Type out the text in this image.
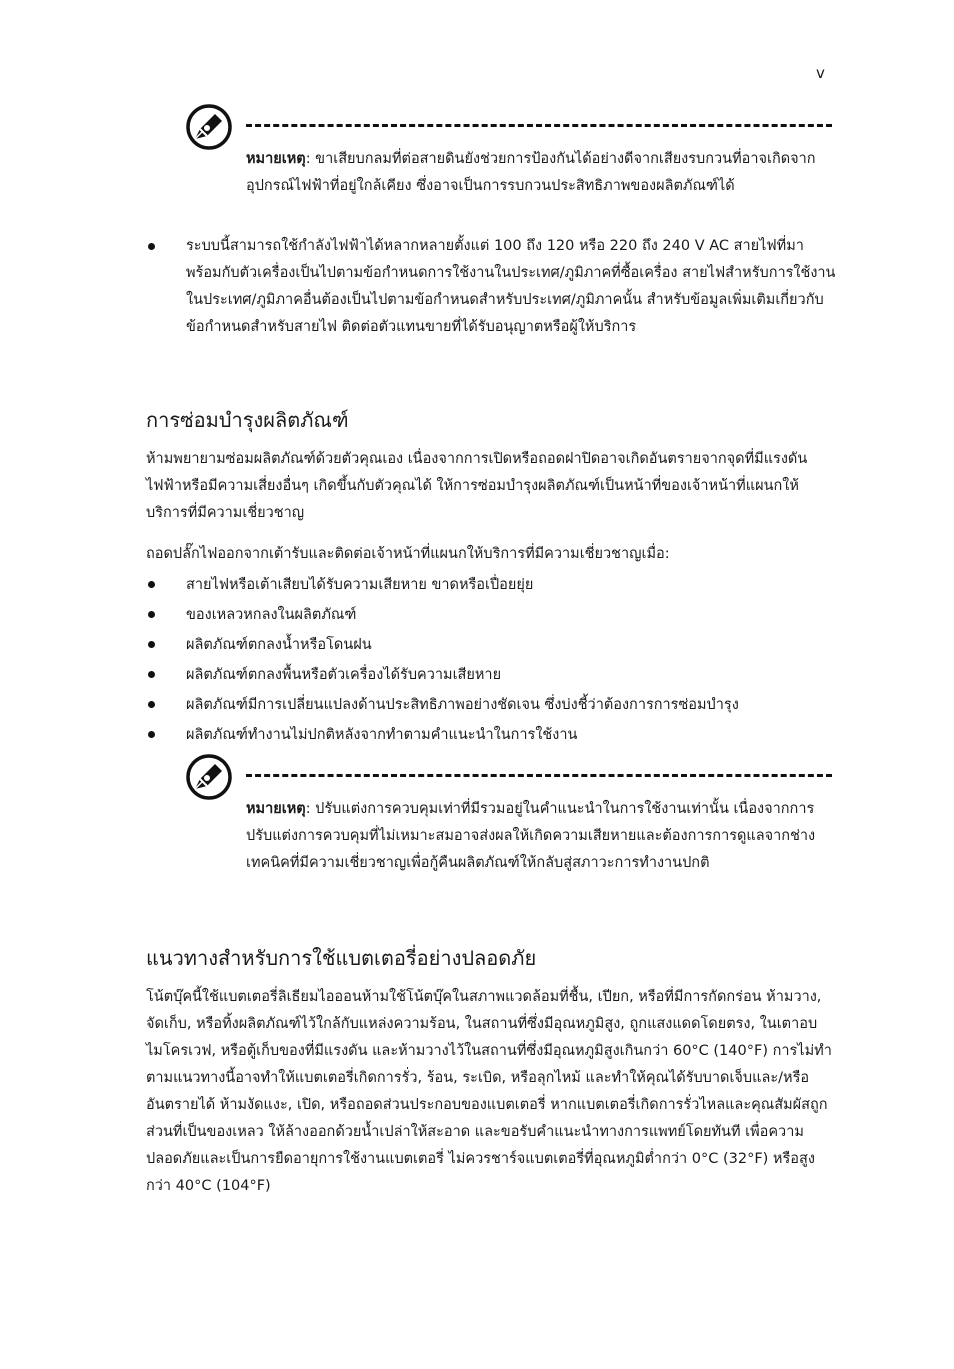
v
หมายเหตุ: ขาเสียบกลมที่ต่อสายดินยังช่วยการป้องกันได้อย่างดีจากเสียงรบกวนที่อาจเกิดจากอุปกรณ์ไฟฟ้าที่อยู่ใกล้เคียง ซึ่งอาจเป็นการรบกวนประสิทธิภาพของผลิตภัณฑ์ได้
ระบบนี้สามารถใช้กำลังไฟฟ้าได้หลากหลายตั้งแต่ 100 ถึง 120 หรือ 220 ถึง 240 V AC สายไฟที่มาพร้อมกับตัวเครื่องเป็นไปตามข้อกำหนดการใช้งานในประเทศ/ภูมิภาคที่ซื้อเครื่อง สายไฟสำหรับการใช้งานในประเทศ/ภูมิภาคอื่นต้องเป็นไปตามข้อกำหนดสำหรับประเทศ/ภูมิภาคนั้น สำหรับข้อมูลเพิ่มเติมเกี่ยวกับข้อกำหนดสำหรับสายไฟ ติดต่อตัวแทนขายที่ได้รับอนุญาตหรือผู้ให้บริการ
การซ่อมบำรุงผลิตภัณฑ์
ห้ามพยายามซ่อมผลิตภัณฑ์ด้วยตัวคุณเอง เนื่องจากการเปิดหรือถอดฝาปิดอาจเกิดอันตรายจากจุดที่มีแรงดันไฟฟ้าหรือมีความเสี่ยงอื่นๆ เกิดขึ้นกับตัวคุณได้ ให้การซ่อมบำรุงผลิตภัณฑ์เป็นหน้าที่ของเจ้าหน้าที่แผนกให้บริการที่มีความเชี่ยวชาญ
ถอดปลั๊กไฟออกจากเต้ารับและติดต่อเจ้าหน้าที่แผนกให้บริการที่มีความเชี่ยวชาญเมื่อ:
สายไฟหรือเต้าเสียบได้รับความเสียหาย ขาดหรือเปื่อยยุ่ย
ของเหลวหกลงในผลิตภัณฑ์
ผลิตภัณฑ์ตกลงน้ำหรือโดนฝน
ผลิตภัณฑ์ตกลงพื้นหรือตัวเครื่องได้รับความเสียหาย
ผลิตภัณฑ์มีการเปลี่ยนแปลงด้านประสิทธิภาพอย่างชัดเจน ซึ่งบ่งชี้ว่าต้องการการซ่อมบำรุง
ผลิตภัณฑ์ทำงานไม่ปกติหลังจากทำตามคำแนะนำในการใช้งาน
หมายเหตุ: ปรับแต่งการควบคุมเท่าที่มีรวมอยู่ในคำแนะนำในการใช้งานเท่านั้น เนื่องจากการปรับแต่งการควบคุมที่ไม่เหมาะสมอาจส่งผลให้เกิดความเสียหายและต้องการการดูแลจากช่างเทคนิคที่มีความเชี่ยวชาญเพื่อกู้คืนผลิตภัณฑ์ให้กลับสู่สภาวะการทำงานปกติ
แนวทางสำหรับการใช้แบตเตอรี่อย่างปลอดภัย
โน้ตบุ๊คนี้ใช้แบตเตอรี่ลิเธียมไอออนห้ามใช้โน้ตบุ๊คในสภาพแวดล้อมที่ชื้น, เปียก, หรือที่มีการกัดกร่อน ห้ามวาง, จัดเก็บ, หรือทิ้งผลิตภัณฑ์ไว้ใกล้กับแหล่งความร้อน, ในสถานที่ซึ่งมีอุณหภูมิสูง, ถูกแสงแดดโดยตรง, ในเตาอบไมโครเวฟ, หรือตู้เก็บของที่มีแรงดัน และห้ามวางไว้ในสถานที่ซึ่งมีอุณหภูมิสูงเกินกว่า 60°C (140°F) การไม่ทำตามแนวทางนี้อาจทำให้แบตเตอรี่เกิดการรั่ว, ร้อน, ระเบิด, หรือลุกไหม้ และทำให้คุณได้รับบาดเจ็บและ/หรืออันตรายได้ ห้ามงัดแงะ, เปิด, หรือถอดส่วนประกอบของแบตเตอรี่ หากแบตเตอรี่เกิดการรั่วไหลและคุณสัมผัสถูกส่วนที่เป็นของเหลว ให้ล้างออกด้วยน้ำเปล่าให้สะอาด และขอรับคำแนะนำทางการแพทย์โดยทันที เพื่อความปลอดภัยและเป็นการยืดอายุการใช้งานแบตเตอรี่ ไม่ควรชาร์จแบตเตอรี่ที่อุณหภูมิต่ำกว่า 0°C (32°F) หรือสูงกว่า 40°C (104°F)
